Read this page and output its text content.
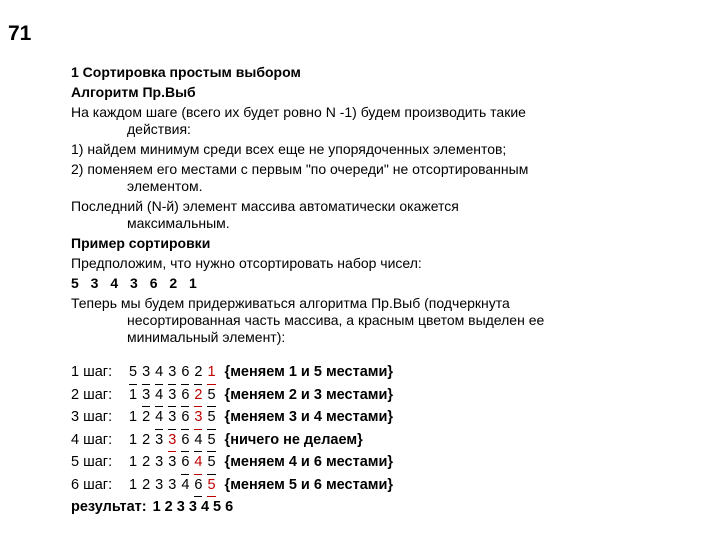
71
1 Сортировка простым выбором
Алгоритм Пр.Выб
На каждом шаге (всего их будет ровно N -1) будем производить такие
действия:
1) найдем минимум среди всех еще не упорядоченных элементов;
2) поменяем его местами с первым "по очереди" не отсортированным
элементом.
Последний (N-й) элемент массива автоматически окажется
максимальным.
Пример сортировки
Предположим, что нужно отсортировать набор чисел:
5 3 4 3 6 2 1
Теперь мы будем придерживаться алгоритма Пр.Выб (подчеркнута
несортированная часть массива, а красным цветом выделен ее
минимальный элемент):
1 шаг:	5 3 4 3 6 2 1 {меняем 1 и 5 местами}
2 шаг:	1 3 4 3 6 2 5 {меняем 2 и 3 местами}
3 шаг:	1 2 4 3 6 3 5 {меняем 3 и 4 местами}
4 шаг:	1 2 3 3 6 4 5 {ничего не делаем}
5 шаг:	1 2 3 3 6 4 5 {меняем 4 и 6 местами}
6 шаг:	1 2 3 3 4 6 5 {меняем 5 и 6 местами}
результат: 1 2 3 3 4 5 6
